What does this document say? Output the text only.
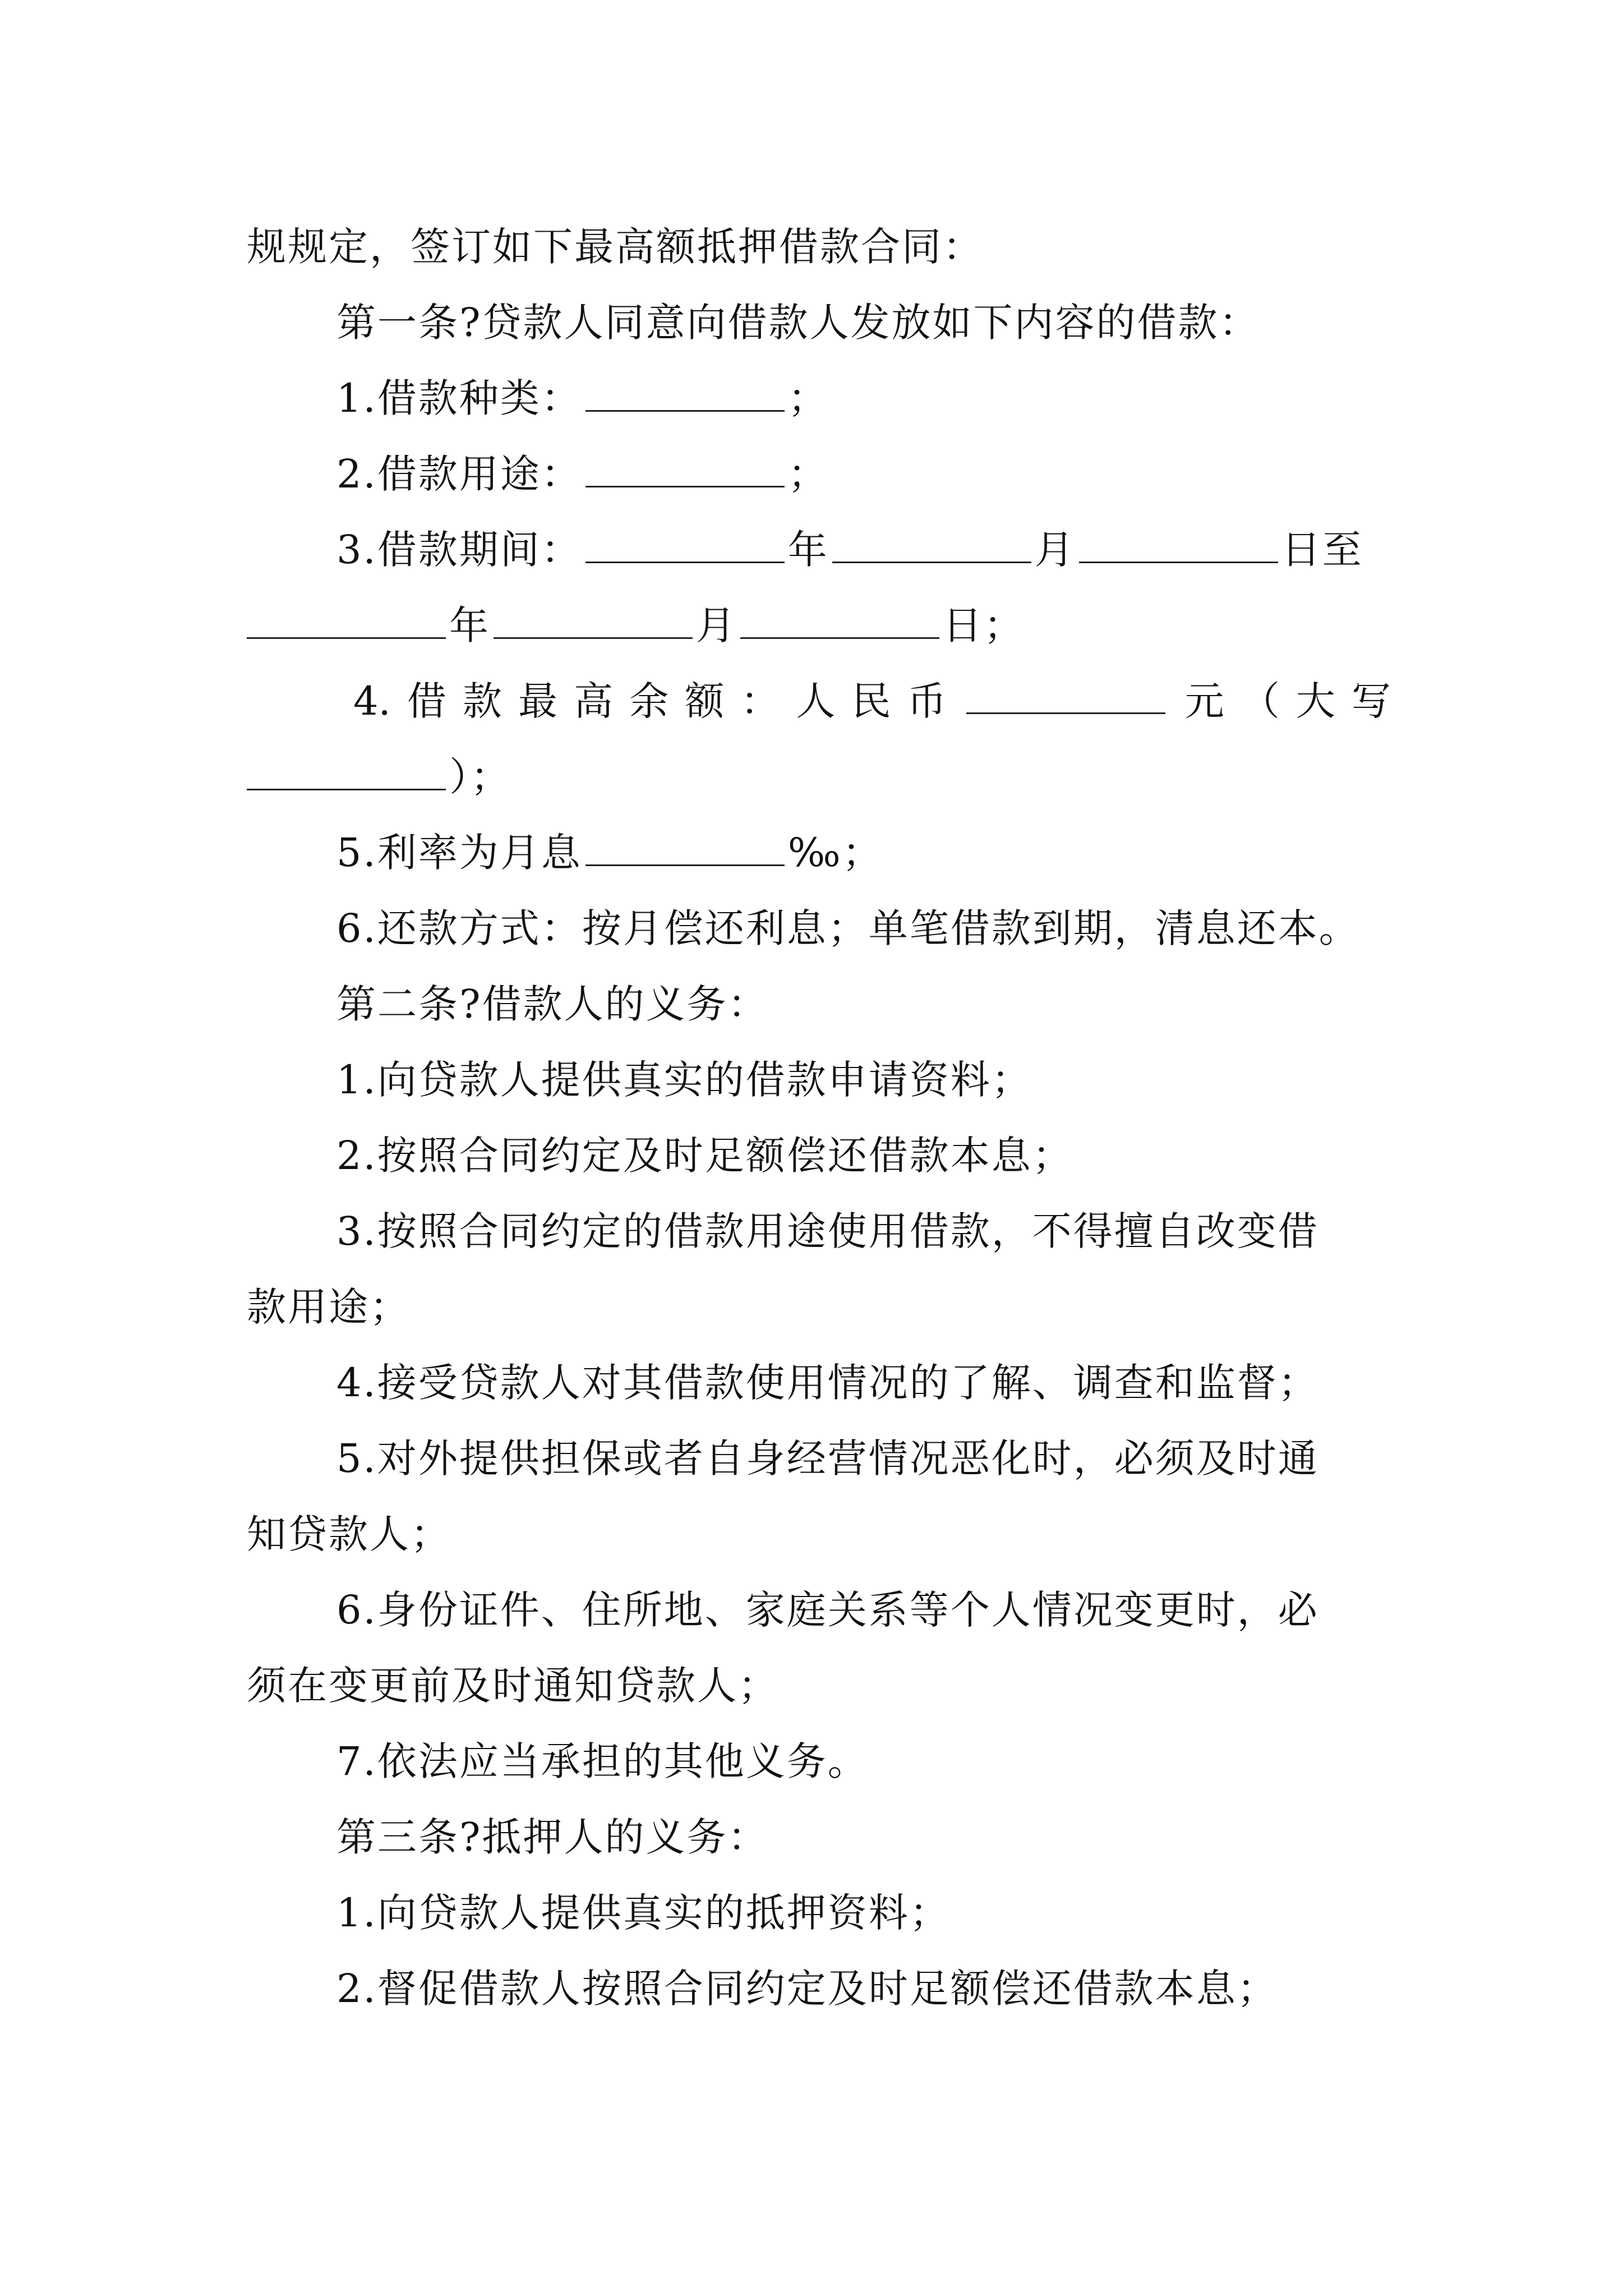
规规定，签订如下最高额抵押借款合同：
第一条?贷款人同意向借款人发放如下内容的借款：
1.借款种类：	；
2.借款用途：	；
3.借款期间：	年	月	日至
年	月	日；
4. 借 款 最 高 余 额 ： 人 民 币	元 （ 大 写
）；
5.利率为月息	‰；
6.还款方式：按月偿还利息；单笔借款到期，清息还本。
第二条?借款人的义务：
1.向贷款人提供真实的借款申请资料；
2.按照合同约定及时足额偿还借款本息；
3.按照合同约定的借款用途使用借款，不得擅自改变借
款用途；
4.接受贷款人对其借款使用情况的了解、调查和监督；
5.对外提供担保或者自身经营情况恶化时，必须及时通
知贷款人；
6.身份证件、住所地、家庭关系等个人情况变更时，必
须在变更前及时通知贷款人；
7.依法应当承担的其他义务。
第三条?抵押人的义务：
1.向贷款人提供真实的抵押资料；
2.督促借款人按照合同约定及时足额偿还借款本息；
